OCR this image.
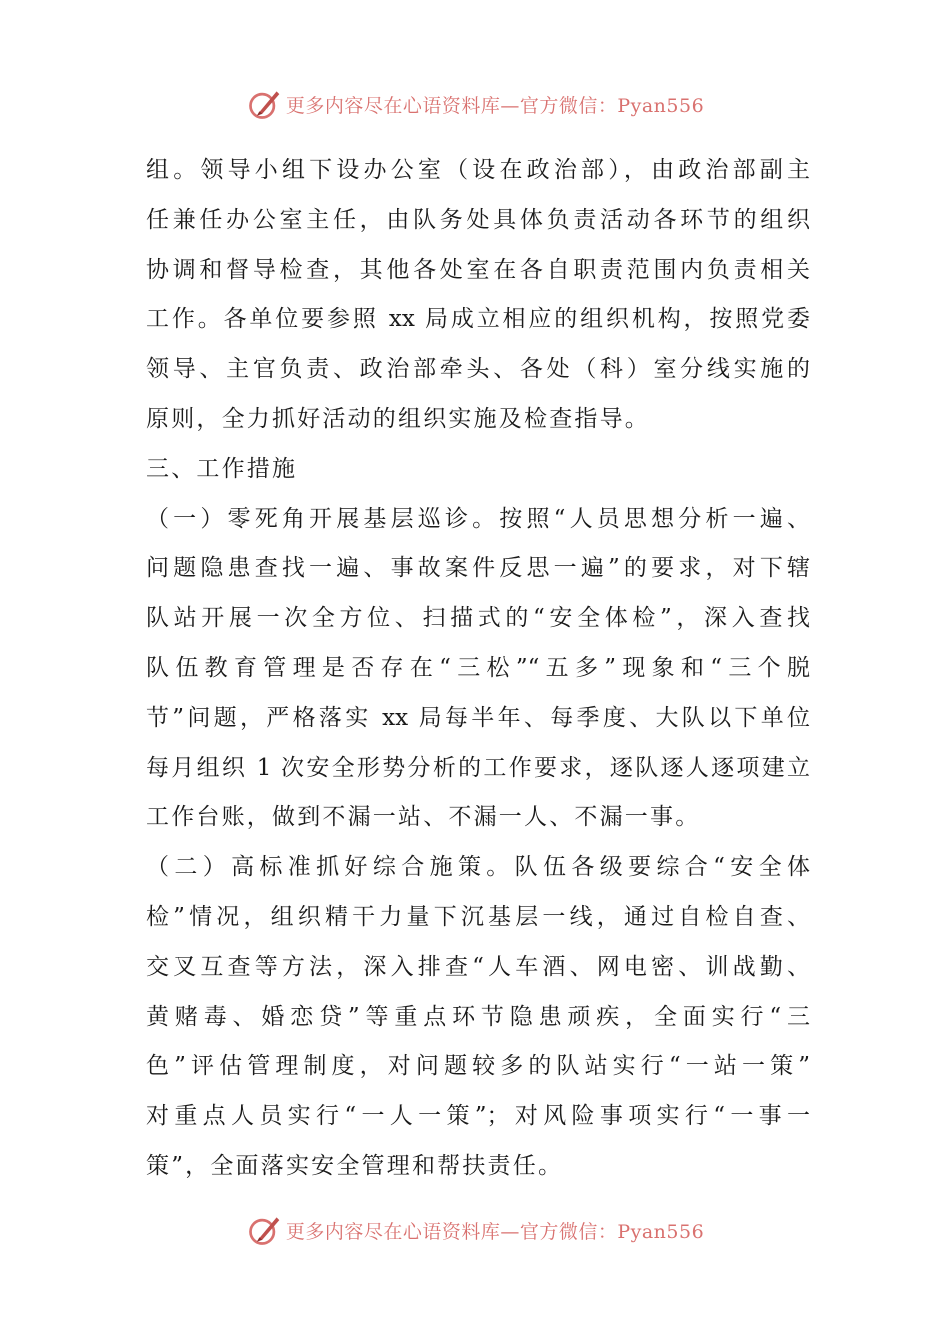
更多内容尽在心语资料库—官方微信：Pyan556
组。领导小组下设办公室（设在政治部），由政治部副主
任兼任办公室主任，由队务处具体负责活动各环节的组织
协调和督导检查，其他各处室在各自职责范围内负责相关
工作。各单位要参照 xx 局成立相应的组织机构，按照党委
领导、主官负责、政治部牵头、各处（科）室分线实施的
原则，全力抓好活动的组织实施及检查指导。
三、工作措施
（一）零死角开展基层巡诊。按照“人员思想分析一遍、
问题隐患查找一遍、事故案件反思一遍”的要求，对下辖
队站开展一次全方位、扫描式的“安全体检”，深入查找
队伍教育管理是否存在“三松”“五多”现象和“三个脱
节”问题，严格落实 xx 局每半年、每季度、大队以下单位
每月组织 1 次安全形势分析的工作要求，逐队逐人逐项建立
工作台账，做到不漏一站、不漏一人、不漏一事。
（二）高标准抓好综合施策。队伍各级要综合“安全体
检”情况，组织精干力量下沉基层一线，通过自检自查、
交叉互查等方法，深入排查“人车酒、网电密、训战勤、
黄赌毒、婚恋贷”等重点环节隐患顽疾，全面实行“三
色”评估管理制度，对问题较多的队站实行“一站一策”
对重点人员实行“一人一策”；对风险事项实行“一事一
策”，全面落实安全管理和帮扶责任。
更多内容尽在心语资料库—官方微信：Pyan556
